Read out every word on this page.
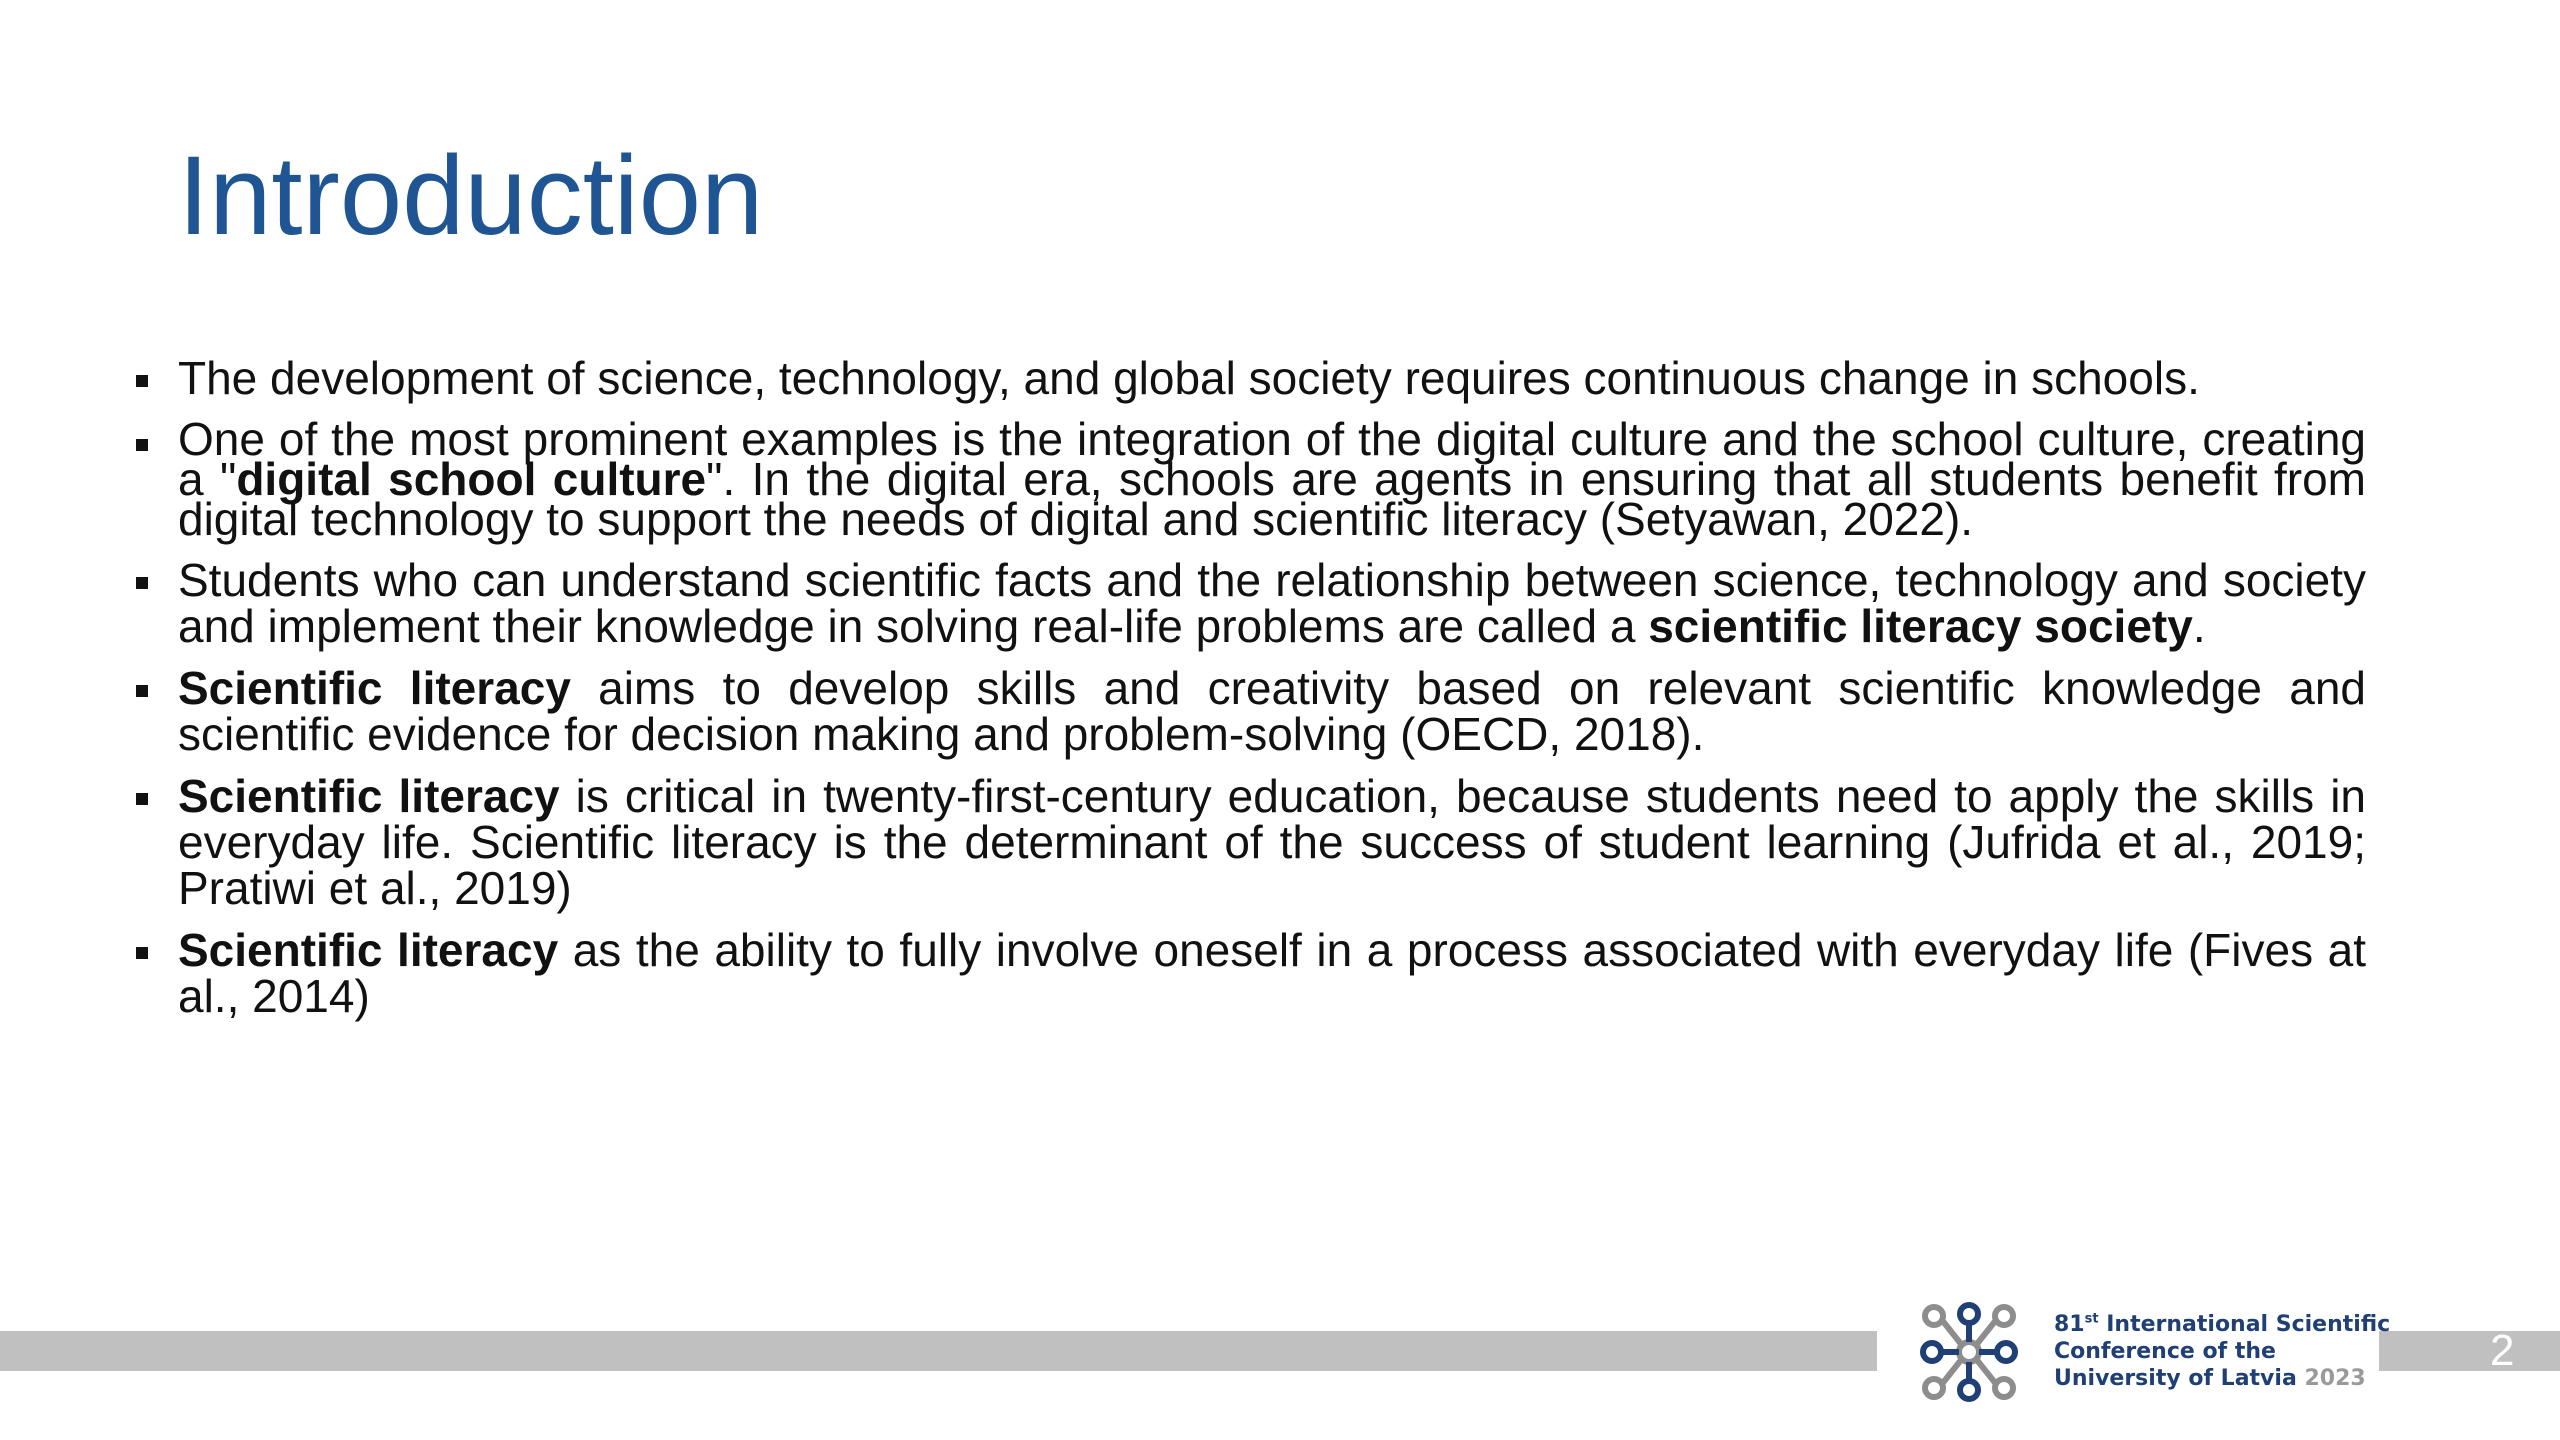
Introduction
The development of science, technology, and global society requires continuous change in schools.
One of the most prominent examples is the integration of the digital culture and the school culture, creating a "digital school culture". In the digital era, schools are agents in ensuring that all students benefit from digital technology to support the needs of digital and scientific literacy (Setyawan, 2022).
Students who can understand scientific facts and the relationship between science, technology and society and implement their knowledge in solving real-life problems are called a scientific literacy society.
Scientific literacy aims to develop skills and creativity based on relevant scientific knowledge and scientific evidence for decision making and problem-solving (OECD, 2018).
Scientific literacy is critical in twenty-first-century education, because students need to apply the skills in everyday life. Scientific literacy is the determinant of the success of student learning (Jufrida et al., 2019; Pratiwi et al., 2019)
Scientific literacy as the ability to fully involve oneself in a process associated with everyday life (Fives at al., 2014)
2
81st International Scientific
Conference of the
University of Latvia 2023
